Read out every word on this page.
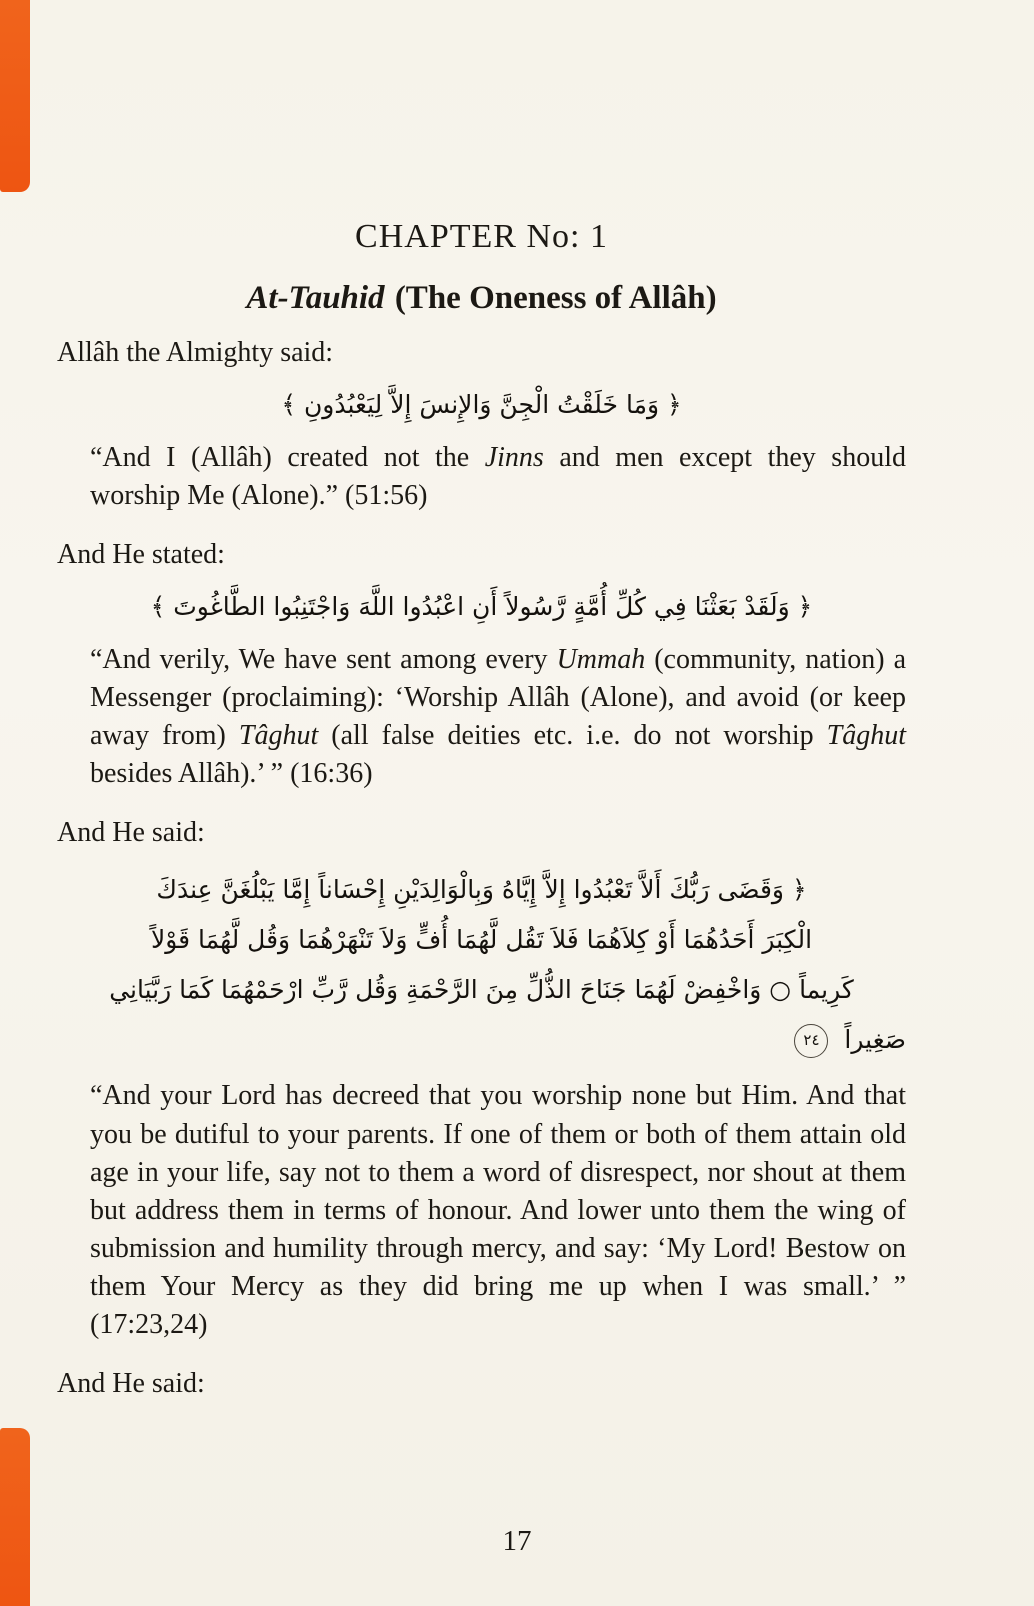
CHAPTER No: 1
At-Tauhid (The Oneness of Allâh)

Allâh the Almighty said:

﴿ وَمَا خَلَقْتُ الْجِنَّ وَالإِنسَ إِلاَّ لِيَعْبُدُونِ ﴾

“And I (Allâh) created not the Jinns and men except they should worship Me (Alone).” (51:56)

And He stated:

﴿ وَلَقَدْ بَعَثْنَا فِي كُلِّ أُمَّةٍ رَّسُولاً أَنِ اعْبُدُوا اللَّهَ وَاجْتَنِبُوا الطَّاغُوتَ ﴾

“And verily, We have sent among every Ummah (community, nation) a Messenger (proclaiming): ‘Worship Allâh (Alone), and avoid (or keep away from) Tâghut (all false deities etc. i.e. do not worship Tâghut besides Allâh).’ ” (16:36)

And He said:

﴿ وَقَضَى رَبُّكَ أَلاَّ تَعْبُدُوا إِلاَّ إِيَّاهُ وَبِالْوَالِدَيْنِ إِحْسَاناً إِمَّا يَبْلُغَنَّ عِندَكَ
الْكِبَرَ أَحَدُهُمَا أَوْ كِلاَهُمَا فَلاَ تَقُل لَّهُمَا أُفٍّ وَلاَ تَنْهَرْهُمَا وَقُل لَّهُمَا قَوْلاً
كَرِيماً ○ وَاخْفِضْ لَهُمَا جَنَاحَ الذُّلِّ مِنَ الرَّحْمَةِ وَقُل رَّبِّ ارْحَمْهُمَا كَمَا رَبَّيَانِي
صَغِيراً ٢٤

“And your Lord has decreed that you worship none but Him. And that you be dutiful to your parents. If one of them or both of them attain old age in your life, say not to them a word of disrespect, nor shout at them but address them in terms of honour. And lower unto them the wing of submission and humility through mercy, and say: ‘My Lord! Bestow on them Your Mercy as they did bring me up when I was small.’ ” (17:23,24)

And He said:

17
